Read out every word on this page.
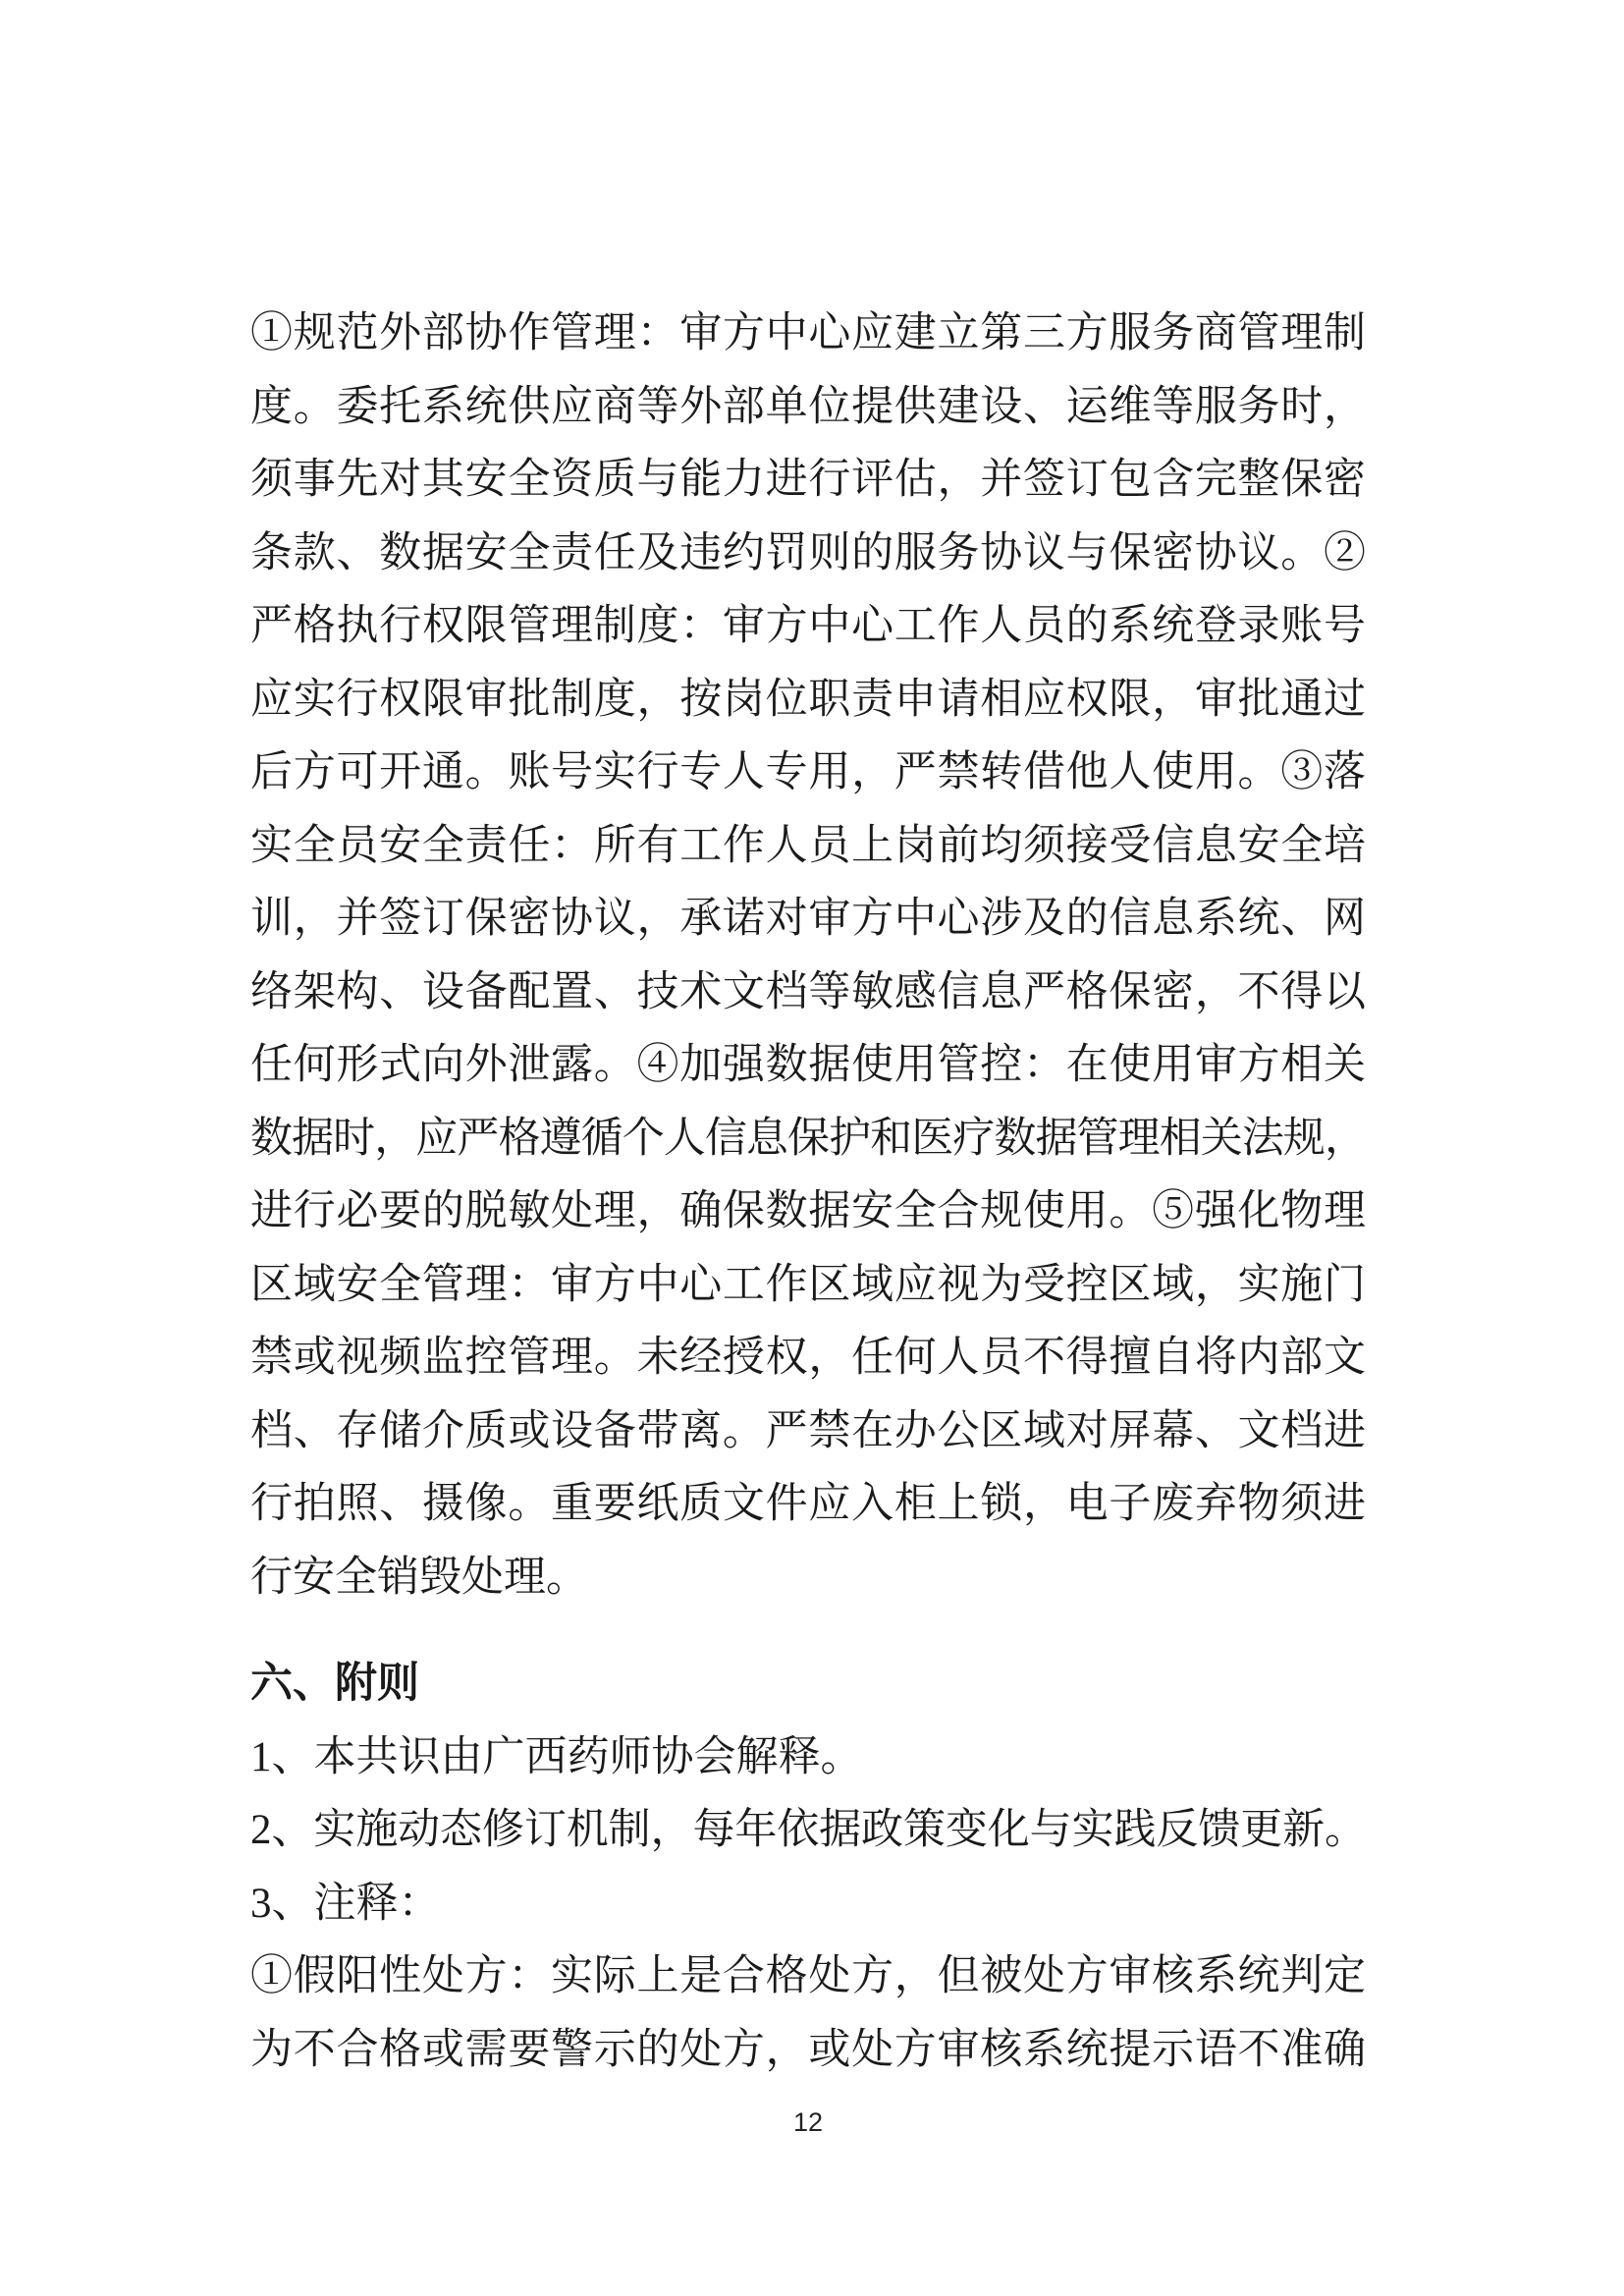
①规范外部协作管理：审方中心应建立第三方服务商管理制
度。委托系统供应商等外部单位提供建设、运维等服务时，
须事先对其安全资质与能力进行评估，并签订包含完整保密
条款、数据安全责任及违约罚则的服务协议与保密协议。②
严格执行权限管理制度：审方中心工作人员的系统登录账号
应实行权限审批制度，按岗位职责申请相应权限，审批通过
后方可开通。账号实行专人专用，严禁转借他人使用。③落
实全员安全责任：所有工作人员上岗前均须接受信息安全培
训，并签订保密协议，承诺对审方中心涉及的信息系统、网
络架构、设备配置、技术文档等敏感信息严格保密，不得以
任何形式向外泄露。④加强数据使用管控：在使用审方相关
数据时，应严格遵循个人信息保护和医疗数据管理相关法规，
进行必要的脱敏处理，确保数据安全合规使用。⑤强化物理
区域安全管理：审方中心工作区域应视为受控区域，实施门
禁或视频监控管理。未经授权，任何人员不得擅自将内部文
档、存储介质或设备带离。严禁在办公区域对屏幕、文档进
行拍照、摄像。重要纸质文件应入柜上锁，电子废弃物须进
行安全销毁处理。
六、附则
1、本共识由广西药师协会解释。
2、实施动态修订机制，每年依据政策变化与实践反馈更新。
3、注释：
①假阳性处方：实际上是合格处方，但被处方审核系统判定
为不合格或需要警示的处方，或处方审核系统提示语不准确
12
